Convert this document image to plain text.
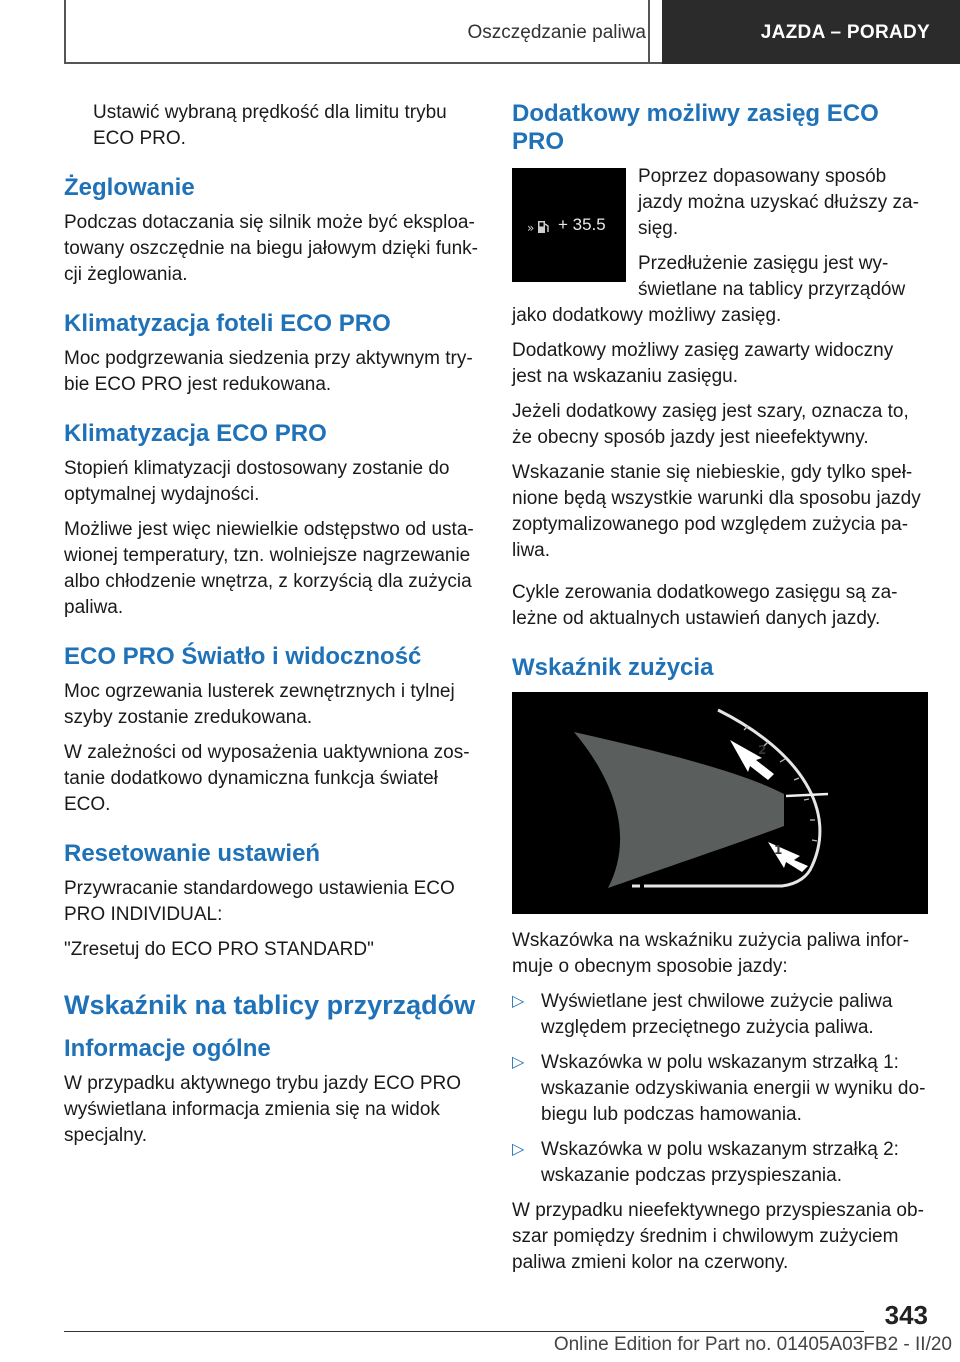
Oszczędzanie paliwa	JAZDA – PORADY

Ustawić wybraną prędkość dla limitu trybu ECO PRO.

Żeglowanie

Podczas dotaczania się silnik może być eksploatowany oszczędnie na biegu jałowym dzięki funkcji żeglowania.

Klimatyzacja foteli ECO PRO

Moc podgrzewania siedzenia przy aktywnym trybie ECO PRO jest redukowana.

Klimatyzacja ECO PRO

Stopień klimatyzacji dostosowany zostanie do optymalnej wydajności.

Możliwe jest więc niewielkie odstępstwo od ustawionej temperatury, tzn. wolniejsze nagrzewanie albo chłodzenie wnętrza, z korzyścią dla zużycia paliwa.

ECO PRO Światło i widoczność

Moc ogrzewania lusterek zewnętrznych i tylnej szyby zostanie zredukowana.

W zależności od wyposażenia uaktywniona zostanie dodatkowo dynamiczna funkcja świateł ECO.

Resetowanie ustawień

Przywracanie standardowego ustawienia ECO PRO INDIVIDUAL:

"Zresetuj do ECO PRO STANDARD"

Wskaźnik na tablicy przyrządów
Informacje ogólne

W przypadku aktywnego trybu jazdy ECO PRO wyświetlana informacja zmienia się na widok specjalny.

Dodatkowy możliwy zasięg ECO PRO
» + 35.5

Poprzez dopasowany sposób jazdy można uzyskać dłuższy zasięg.

Przedłużenie zasięgu jest wyświetlane na tablicy przyrządów jako dodatkowy możliwy zasięg.

Dodatkowy możliwy zasięg zawarty widoczny jest na wskazaniu zasięgu.

Jeżeli dodatkowy zasięg jest szary, oznacza to, że obecny sposób jazdy jest nieefektywny.

Wskazanie stanie się niebieskie, gdy tylko spełnione będą wszystkie warunki dla sposobu jazdy zoptymalizowanego pod względem zużycia paliwa.

Cykle zerowania dodatkowego zasięgu są zależne od aktualnych ustawień danych jazdy.

Wskaźnik zużycia
2
1

Wskazówka na wskaźniku zużycia paliwa informuje o obecnym sposobie jazdy:

▷ Wyświetlane jest chwilowe zużycie paliwa względem przeciętnego zużycia paliwa.
▷ Wskazówka w polu wskazanym strzałką 1: wskazanie odzyskiwania energii w wyniku dobiegu lub podczas hamowania.
▷ Wskazówka w polu wskazanym strzałką 2: wskazanie podczas przyspieszania.

W przypadku nieefektywnego przyspieszania obszar pomiędzy średnim i chwilowym zużyciem paliwa zmieni kolor na czerwony.

343
Online Edition for Part no. 01405A03FB2 - II/20
